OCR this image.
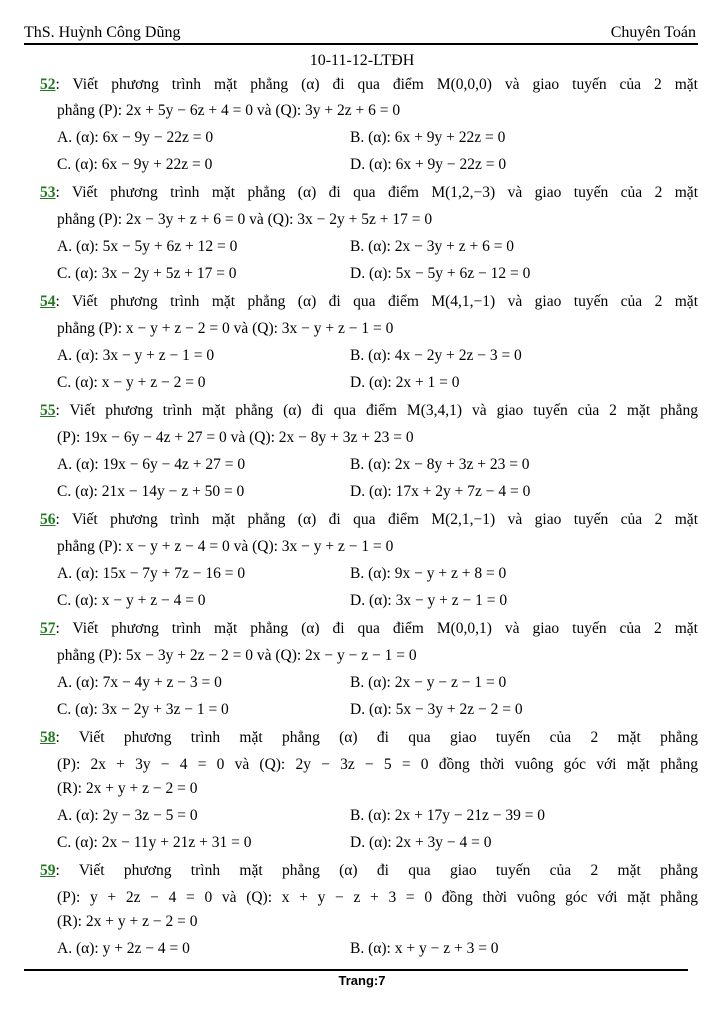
ThS. Huỳnh Công Dũng	Chuyên Toán
10-11-12-LTĐH
52: Viết phương trình mặt phẳng (α) đi qua điểm M(0,0,0) và giao tuyến của 2 mặt
phẳng (P): 2x + 5y − 6z + 4 = 0 và (Q): 3y + 2z + 6 = 0
A. (α): 6x − 9y − 22z = 0	B. (α): 6x + 9y + 22z = 0
C. (α): 6x − 9y + 22z = 0	D. (α): 6x + 9y − 22z = 0
53: Viết phương trình mặt phẳng (α) đi qua điểm M(1,2,−3) và giao tuyến của 2 mặt
phẳng (P): 2x − 3y + z + 6 = 0 và (Q): 3x − 2y + 5z + 17 = 0
A. (α): 5x − 5y + 6z + 12 = 0	B. (α): 2x − 3y + z + 6 = 0
C. (α): 3x − 2y + 5z + 17 = 0	D. (α): 5x − 5y + 6z − 12 = 0
54: Viết phương trình mặt phẳng (α) đi qua điểm M(4,1,−1) và giao tuyến của 2 mặt
phẳng (P): x − y + z − 2 = 0 và (Q): 3x − y + z − 1 = 0
A. (α): 3x − y + z − 1 = 0	B. (α): 4x − 2y + 2z − 3 = 0
C. (α): x − y + z − 2 = 0	D. (α): 2x + 1 = 0
55: Viết phương trình mặt phẳng (α) đi qua điểm M(3,4,1) và giao tuyến của 2 mặt phẳng
(P): 19x − 6y − 4z + 27 = 0 và (Q): 2x − 8y + 3z + 23 = 0
A. (α): 19x − 6y − 4z + 27 = 0	B. (α): 2x − 8y + 3z + 23 = 0
C. (α): 21x − 14y − z + 50 = 0	D. (α): 17x + 2y + 7z − 4 = 0
56: Viết phương trình mặt phẳng (α) đi qua điểm M(2,1,−1) và giao tuyến của 2 mặt
phẳng (P): x − y + z − 4 = 0 và (Q): 3x − y + z − 1 = 0
A. (α): 15x − 7y + 7z − 16 = 0	B. (α): 9x − y + z + 8 = 0
C. (α): x − y + z − 4 = 0	D. (α): 3x − y + z − 1 = 0
57: Viết phương trình mặt phẳng (α) đi qua điểm M(0,0,1) và giao tuyến của 2 mặt
phẳng (P): 5x − 3y + 2z − 2 = 0 và (Q): 2x − y − z − 1 = 0
A. (α): 7x − 4y + z − 3 = 0	B. (α): 2x − y − z − 1 = 0
C. (α): 3x − 2y + 3z − 1 = 0	D. (α): 5x − 3y + 2z − 2 = 0
58: Viết phương trình mặt phẳng (α) đi qua giao tuyến của 2 mặt phẳng
(P): 2x + 3y − 4 = 0 và (Q): 2y − 3z − 5 = 0 đồng thời vuông góc với mặt phẳng
(R): 2x + y + z − 2 = 0
A. (α): 2y − 3z − 5 = 0	B. (α): 2x + 17y − 21z − 39 = 0
C. (α): 2x − 11y + 21z + 31 = 0	D. (α): 2x + 3y − 4 = 0
59: Viết phương trình mặt phẳng (α) đi qua giao tuyến của 2 mặt phẳng
(P): y + 2z − 4 = 0 và (Q): x + y − z + 3 = 0 đồng thời vuông góc với mặt phẳng
(R): 2x + y + z − 2 = 0
A. (α): y + 2z − 4 = 0	B. (α): x + y − z + 3 = 0
Trang:7
